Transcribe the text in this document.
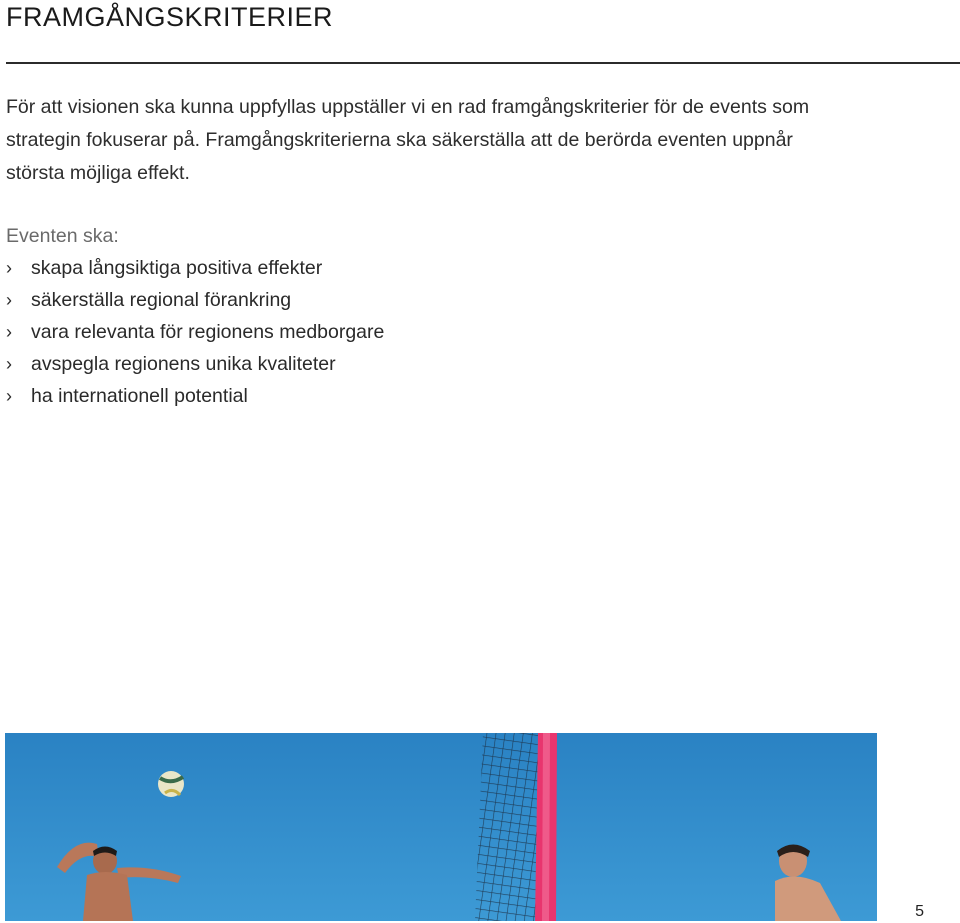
FRAMGÅNGSKRITERIER
För att visionen ska kunna uppfyllas uppställer vi en rad framgångskriterier för de events som
strategin fokuserar på. Framgångskriterierna ska säkerställa att de berörda eventen uppnår
största möjliga effekt.
Eventen ska:
› skapa långsiktiga positiva effekter
› säkerställa regional förankring
› vara relevanta för regionens medborgare
› avspegla regionens unika kvaliteter
› ha internationell potential
5
